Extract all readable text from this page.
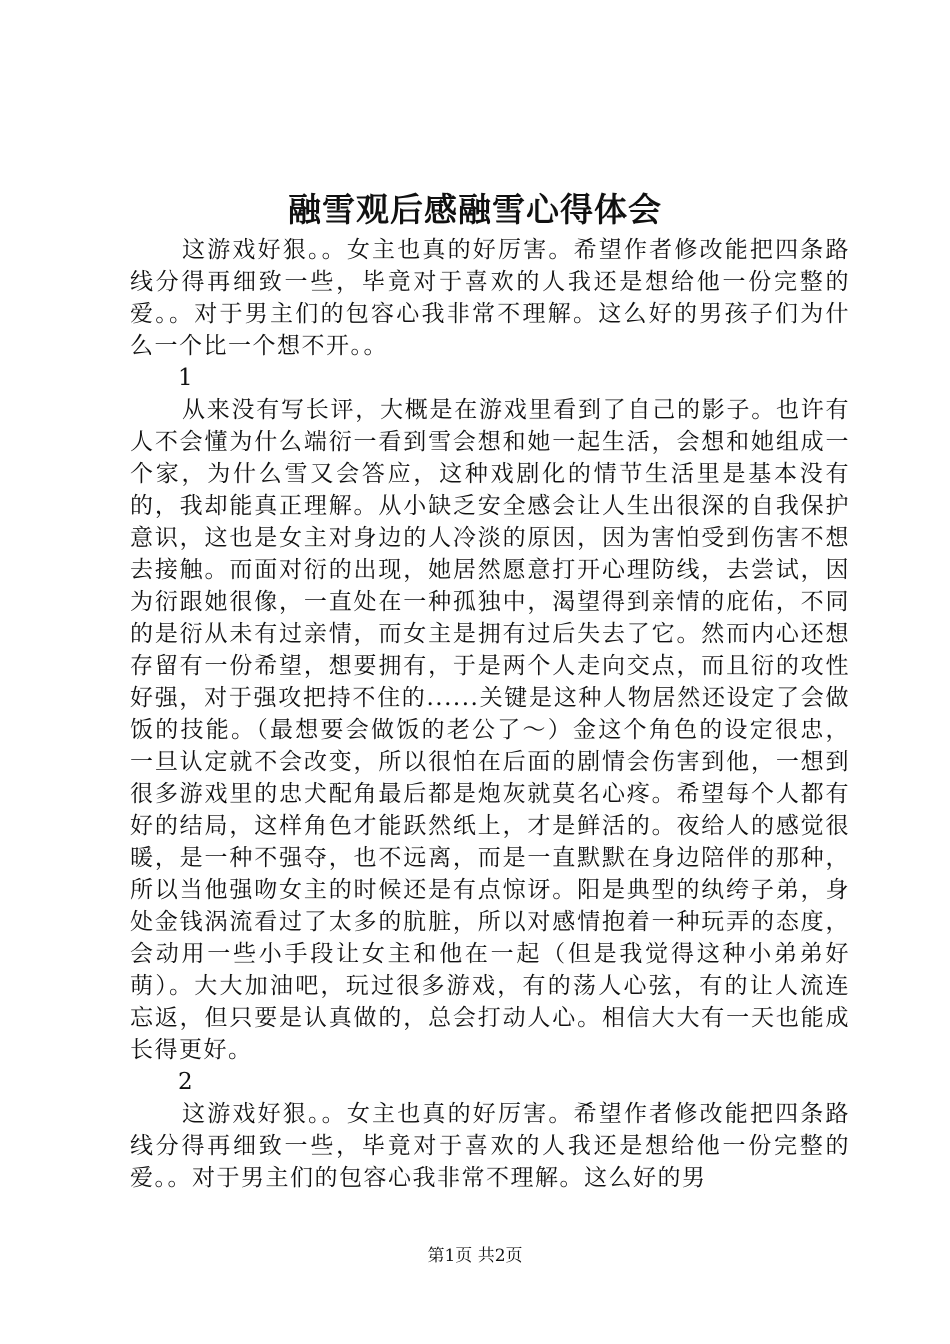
融雪观后感融雪心得体会

这游戏好狠。。女主也真的好厉害。希望作者修改能把四条路线分得再细致一些，毕竟对于喜欢的人我还是想给他一份完整的爱。。对于男主们的包容心我非常不理解。这么好的男孩子们为什么一个比一个想不开。。

1

从来没有写长评，大概是在游戏里看到了自己的影子。也许有人不会懂为什么端衍一看到雪会想和她一起生活，会想和她组成一个家，为什么雪又会答应，这种戏剧化的情节生活里是基本没有的，我却能真正理解。从小缺乏安全感会让人生出很深的自我保护意识，这也是女主对身边的人冷淡的原因，因为害怕受到伤害不想去接触。而面对衍的出现，她居然愿意打开心理防线，去尝试，因为衍跟她很像，一直处在一种孤独中，渴望得到亲情的庇佑，不同的是衍从未有过亲情，而女主是拥有过后失去了它。然而内心还想存留有一份希望，想要拥有，于是两个人走向交点，而且衍的攻性好强，对于强攻把持不住的......关键是这种人物居然还设定了会做饭的技能。（最想要会做饭的老公了～）金这个角色的设定很忠，一旦认定就不会改变，所以很怕在后面的剧情会伤害到他，一想到很多游戏里的忠犬配角最后都是炮灰就莫名心疼。希望每个人都有好的结局，这样角色才能跃然纸上，才是鲜活的。夜给人的感觉很暖，是一种不强夺，也不远离，而是一直默默在身边陪伴的那种，所以当他强吻女主的时候还是有点惊讶。阳是典型的纨绔子弟，身处金钱涡流看过了太多的肮脏，所以对感情抱着一种玩弄的态度，会动用一些小手段让女主和他在一起（但是我觉得这种小弟弟好萌）。大大加油吧，玩过很多游戏，有的荡人心弦，有的让人流连忘返，但只要是认真做的，总会打动人心。相信大大有一天也能成长得更好。

2

这游戏好狠。。女主也真的好厉害。希望作者修改能把四条路线分得再细致一些，毕竟对于喜欢的人我还是想给他一份完整的爱。。对于男主们的包容心我非常不理解。这么好的男

第1页 共2页
